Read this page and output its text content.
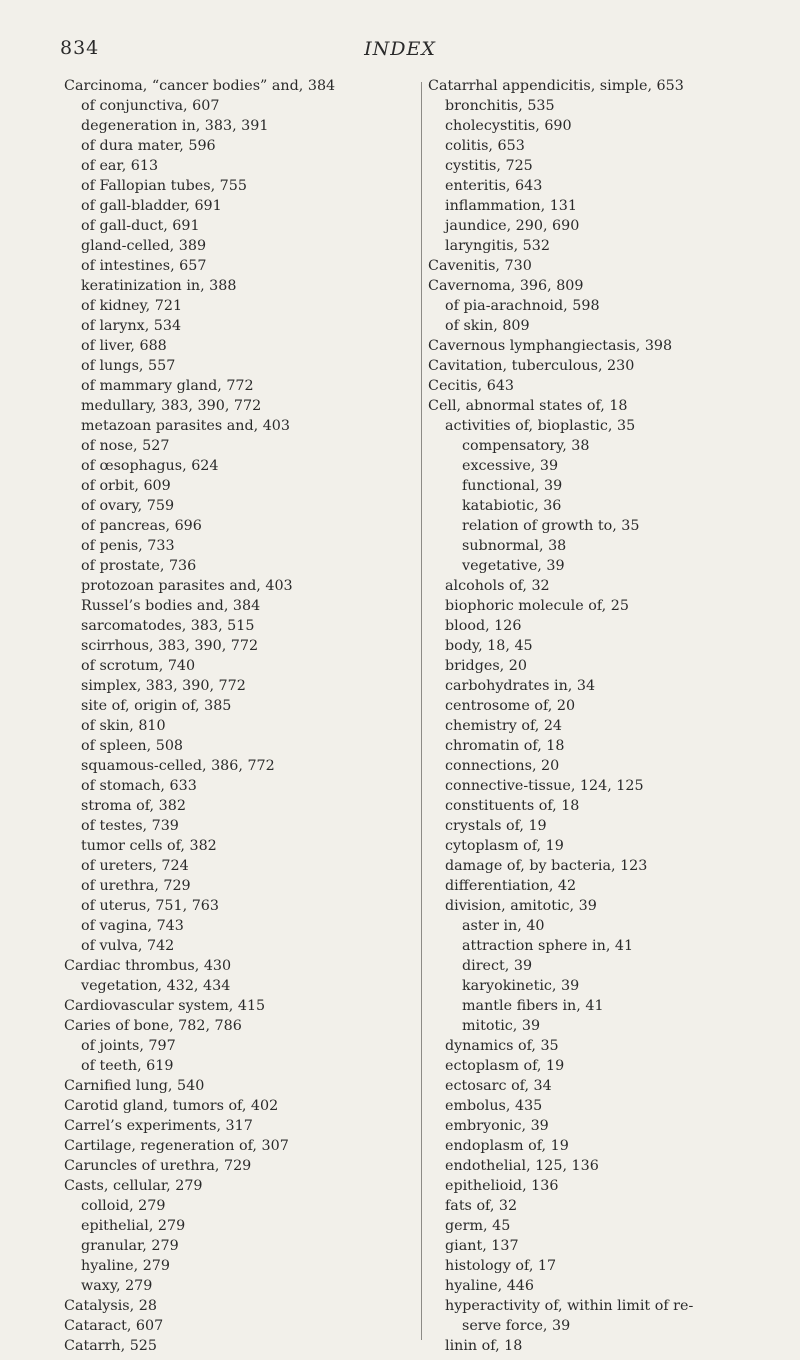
834	INDEX
Carcinoma, “cancer bodies” and, 384
of conjunctiva, 607
degeneration in, 383, 391
of dura mater, 596
of ear, 613
of Fallopian tubes, 755
of gall-bladder, 691
of gall-duct, 691
gland-celled, 389
of intestines, 657
keratinization in, 388
of kidney, 721
of larynx, 534
of liver, 688
of lungs, 557
of mammary gland, 772
medullary, 383, 390, 772
metazoan parasites and, 403
of nose, 527
of œsophagus, 624
of orbit, 609
of ovary, 759
of pancreas, 696
of penis, 733
of prostate, 736
protozoan parasites and, 403
Russel’s bodies and, 384
sarcomatodes, 383, 515
scirrhous, 383, 390, 772
of scrotum, 740
simplex, 383, 390, 772
site of, origin of, 385
of skin, 810
of spleen, 508
squamous-celled, 386, 772
of stomach, 633
stroma of, 382
of testes, 739
tumor cells of, 382
of ureters, 724
of urethra, 729
of uterus, 751, 763
of vagina, 743
of vulva, 742
Cardiac thrombus, 430
vegetation, 432, 434
Cardiovascular system, 415
Caries of bone, 782, 786
of joints, 797
of teeth, 619
Carnified lung, 540
Carotid gland, tumors of, 402
Carrel’s experiments, 317
Cartilage, regeneration of, 307
Caruncles of urethra, 729
Casts, cellular, 279
colloid, 279
epithelial, 279
granular, 279
hyaline, 279
waxy, 279
Catalysis, 28
Cataract, 607
Catarrh, 525
Catarrhal appendicitis, simple, 653
bronchitis, 535
cholecystitis, 690
colitis, 653
cystitis, 725
enteritis, 643
inflammation, 131
jaundice, 290, 690
laryngitis, 532
Cavenitis, 730
Cavernoma, 396, 809
of pia-arachnoid, 598
of skin, 809
Cavernous lymphangiectasis, 398
Cavitation, tuberculous, 230
Cecitis, 643
Cell, abnormal states of, 18
activities of, bioplastic, 35
compensatory, 38
excessive, 39
functional, 39
katabiotic, 36
relation of growth to, 35
subnormal, 38
vegetative, 39
alcohols of, 32
biophoric molecule of, 25
blood, 126
body, 18, 45
bridges, 20
carbohydrates in, 34
centrosome of, 20
chemistry of, 24
chromatin of, 18
connections, 20
connective-tissue, 124, 125
constituents of, 18
crystals of, 19
cytoplasm of, 19
damage of, by bacteria, 123
differentiation, 42
division, amitotic, 39
aster in, 40
attraction sphere in, 41
direct, 39
karyokinetic, 39
mantle fibers in, 41
mitotic, 39
dynamics of, 35
ectoplasm of, 19
ectosarc of, 34
embolus, 435
embryonic, 39
endoplasm of, 19
endothelial, 125, 136
epithelioid, 136
fats of, 32
germ, 45
giant, 137
histology of, 17
hyaline, 446
hyperactivity of, within limit of re-
serve force, 39
linin of, 18
